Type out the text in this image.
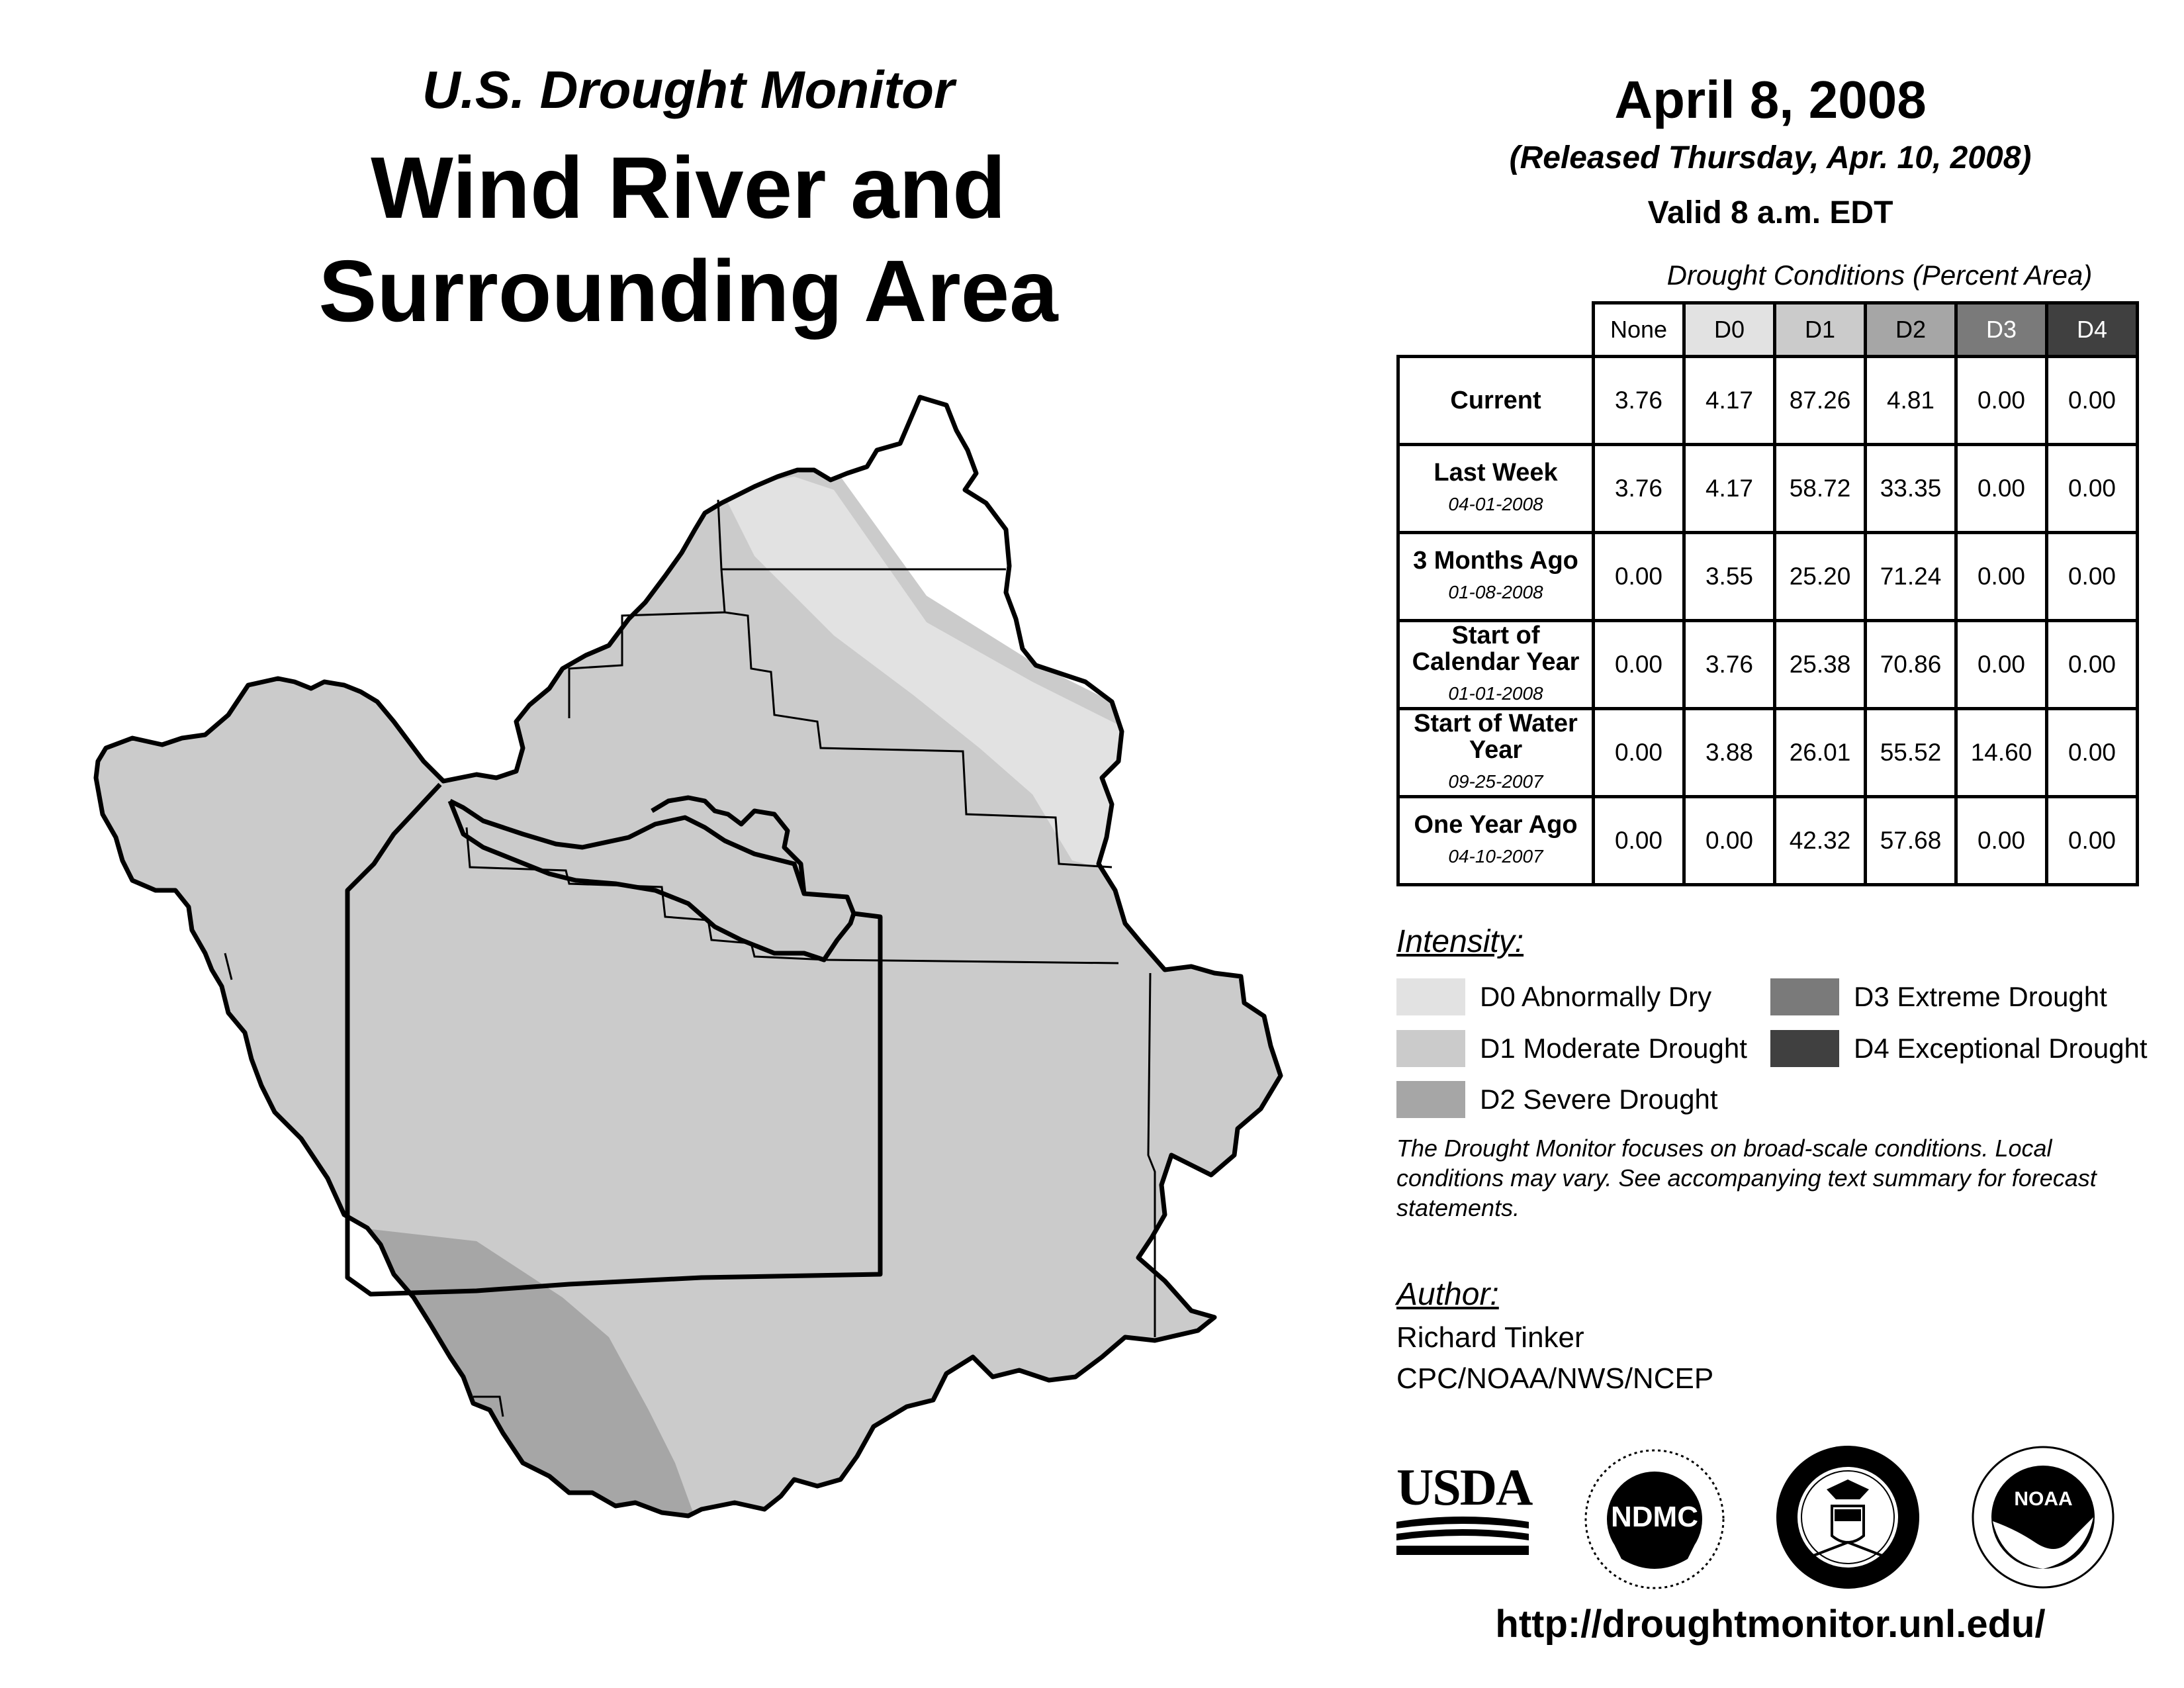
U.S. Drought Monitor
Wind River and
Surrounding Area
April 8, 2008
(Released Thursday, Apr. 10, 2008)
Valid 8 a.m. EDT
Drought Conditions (Percent Area)
	None	D0	D1	D2	D3	D4
Current	3.76	4.17	87.26	4.81	0.00	0.00
Last Week
04-01-2008	3.76	4.17	58.72	33.35	0.00	0.00
3 Months Ago
01-08-2008	0.00	3.55	25.20	71.24	0.00	0.00
Start of Calendar Year
01-01-2008	0.00	3.76	25.38	70.86	0.00	0.00
Start of Water Year
09-25-2007	0.00	3.88	26.01	55.52	14.60	0.00
One Year Ago
04-10-2007	0.00	0.00	42.32	57.68	0.00	0.00
Intensity:
D0 Abnormally Dry
D1 Moderate Drought
D2 Severe Drought
D3 Extreme Drought
D4 Exceptional Drought
The Drought Monitor focuses on broad-scale conditions. Local conditions may vary. See accompanying text summary for forecast statements.
Author:
Richard Tinker
CPC/NOAA/NWS/NCEP
USDA
NDMC
NOAA
http://droughtmonitor.unl.edu/
